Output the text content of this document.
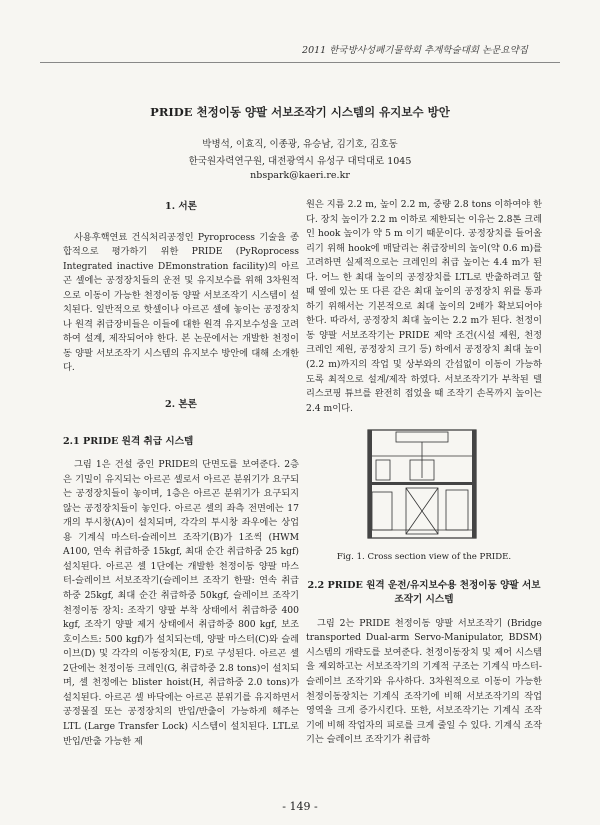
2011 한국방사성폐기물학회 추계학술대회 논문요약집
PRIDE 천정이동 양팔 서보조작기 시스템의 유지보수 방안
박병석, 이효직, 이종광, 유승남, 김기호, 김호동
한국원자력연구원, 대전광역시 유성구 대덕대로 1045
nbspark@kaeri.re.kr
1. 서론

사용후핵연료 건식처리공정인 Pyroprocess 기술을 종합적으로 평가하기 위한 PRIDE (PyRoprocess Integrated inactive DEmonstration facility)의 아르곤 셀에는 공정장치들의 운전 및 유지보수를 위해 3차원적으로 이동이 가능한 천정이동 양팔 서보조작기 시스템이 설치된다. 일반적으로 핫셀이나 아르곤 셀에 놓이는 공정장치나 원격 취급장비들은 이들에 대한 원격 유지보수성을 고려하여 설계, 제작되어야 한다. 본 논문에서는 개발한 천정이동 양팔 서보조작기 시스템의 유지보수 방안에 대해 소개한다.

2. 본론
2.1 PRIDE 원격 취급 시스템

그림 1은 건설 중인 PRIDE의 단면도를 보여준다. 2층은 기밀이 유지되는 아르곤 셀로서 아르곤 분위기가 요구되는 공정장치들이 놓이며, 1층은 아르곤 분위기가 요구되지 않는 공정장치들이 놓인다. 아르곤 셀의 좌측 전면에는 17개의 투시창(A)이 설치되며, 각각의 투시창 좌우에는 상업용 기계식 마스터-슬레이브 조작기(B)가 1조씩 (HWM A100, 연속 취급하중 15kgf, 최대 순간 취급하중 25 kgf) 설치된다. 아르곤 셀 1단에는 개발한 천정이동 양팔 마스터-슬레이브 서보조작기(슬레이브 조작기 한팔: 연속 취급하중 25kgf, 최대 순간 취급하중 50kgf, 슬레이브 조작기 천정이동 장치: 조작기 양팔 부착 상태에서 취급하중 400 kgf, 조작기 양팔 제거 상태에서 취급하중 800 kgf, 보조 호이스트: 500 kgf)가 설치되는데, 양팔 마스터(C)와 슬레이브(D) 및 각각의 이동장치(E, F)로 구성된다. 아르곤 셀 2단에는 천정이동 크레인(G, 취급하중 2.8 tons)이 설치되며, 셀 천정에는 blister hoist(H, 취급하중 2.0 tons)가 설치된다. 아르곤 셀 바닥에는 아르곤 분위기를 유지하면서 공정물질 또는 공정장치의 반입/반출이 가능하게 해주는 LTL (Large Transfer Lock) 시스템이 설치된다. LTL로 반입/반출 가능한 제

원은 지름 2.2 m, 높이 2.2 m, 중량 2.8 tons 이하여야 한다. 장치 높이가 2.2 m 이하로 제한되는 이유는 2.8톤 크레인 hook 높이가 약 5 m 이기 때문이다. 공정장치를 들어올리기 위해 hook에 매달리는 취급장비의 높이(약 0.6 m)를 고려하면 실제적으로는 크레인의 취급 높이는 4.4 m가 된다. 어느 한 최대 높이의 공정장치를 LTL로 반출하려고 할 때 옆에 있는 또 다른 같은 최대 높이의 공정장치 위를 통과하기 위해서는 기본적으로 최대 높이의 2배가 확보되어야 한다. 따라서, 공정장치 최대 높이는 2.2 m가 된다. 천정이동 양팔 서보조작기는 PRIDE 제약 조건(시설 제원, 천정 크레인 제원, 공정장치 크기 등) 하에서 공정장치 최대 높이(2.2 m)까지의 작업 및 상부와의 간섭없이 이동이 가능하도록 최적으로 설계/제작 하였다. 서보조작기가 부착된 텔리스코핑 튜브를 완전히 접었을 때 조작기 손목까지 높이는 2.4 m이다.

Fig. 1. Cross section view of the PRIDE.
2.2 PRIDE 원격 운전/유지보수용 천정이동 양팔 서보조작기 시스템

그림 2는 PRIDE 천정이동 양팔 서보조작기 (Bridge transported Dual-arm Servo-Manipulator, BDSM) 시스템의 개략도를 보여준다. 천정이동장치 및 제어 시스템을 제외하고는 서보조작기의 기계적 구조는 기계식 마스터-슬레이브 조작기와 유사하다. 3차원적으로 이동이 가능한 천정이동장치는 기계식 조작기에 비해 서보조작기의 작업영역을 크게 증가시킨다. 또한, 서보조작기는 기계식 조작기에 비해 작업자의 피로를 크게 줄일 수 있다. 기계식 조작기는 슬레이브 조작기가 취급하

- 149 -
